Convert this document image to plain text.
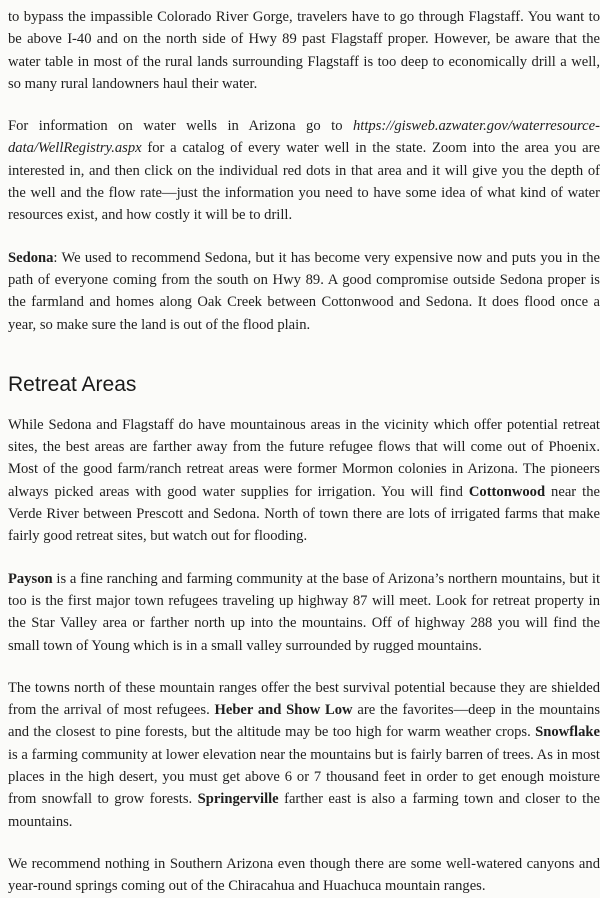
to bypass the impassible Colorado River Gorge, travelers have to go through Flagstaff. You want to be above I-40 and on the north side of Hwy 89 past Flagstaff proper. However, be aware that the water table in most of the rural lands surrounding Flagstaff is too deep to economically drill a well, so many rural landowners haul their water.

For information on water wells in Arizona go to https://gisweb.azwater.gov/waterresource-data/WellRegistry.aspx for a catalog of every water well in the state. Zoom into the area you are interested in, and then click on the individual red dots in that area and it will give you the depth of the well and the flow rate—just the information you need to have some idea of what kind of water resources exist, and how costly it will be to drill.

Sedona: We used to recommend Sedona, but it has become very expensive now and puts you in the path of everyone coming from the south on Hwy 89. A good compromise outside Sedona proper is the farmland and homes along Oak Creek between Cottonwood and Sedona. It does flood once a year, so make sure the land is out of the flood plain.

Retreat Areas

While Sedona and Flagstaff do have mountainous areas in the vicinity which offer potential retreat sites, the best areas are farther away from the future refugee flows that will come out of Phoenix. Most of the good farm/ranch retreat areas were former Mormon colonies in Arizona. The pioneers always picked areas with good water supplies for irrigation. You will find Cottonwood near the Verde River between Prescott and Sedona. North of town there are lots of irrigated farms that make fairly good retreat sites, but watch out for flooding.

Payson is a fine ranching and farming community at the base of Arizona’s northern mountains, but it too is the first major town refugees traveling up highway 87 will meet. Look for retreat property in the Star Valley area or farther north up into the mountains. Off of highway 288 you will find the small town of Young which is in a small valley surrounded by rugged mountains.

The towns north of these mountain ranges offer the best survival potential because they are shielded from the arrival of most refugees. Heber and Show Low are the favorites—deep in the mountains and the closest to pine forests, but the altitude may be too high for warm weather crops. Snowflake is a farming community at lower elevation near the mountains but is fairly barren of trees. As in most places in the high desert, you must get above 6 or 7 thousand feet in order to get enough moisture from snowfall to grow forests. Springerville farther east is also a farming town and closer to the mountains.

We recommend nothing in Southern Arizona even though there are some well-watered canyons and year-round springs coming out of the Chiracahua and Huachuca mountain ranges.
